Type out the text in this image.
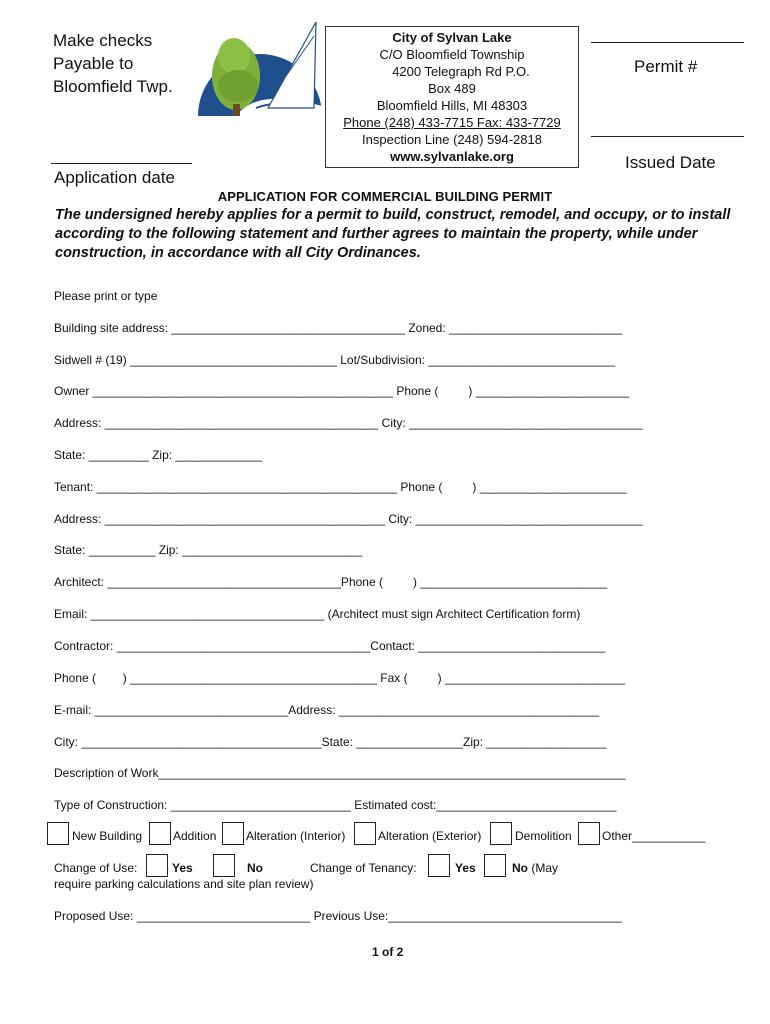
Make checks
Payable to
Bloomfield Twp.
Application date
City of Sylvan Lake
C/O Bloomfield Township
4200 Telegraph Rd P.O.
Box 489
Bloomfield Hills, MI 48303
Phone (248) 433-7715 Fax: 433-7729
Inspection Line (248) 594-2818
www.sylvanlake.org
Permit #
Issued Date
APPLICATION FOR COMMERCIAL BUILDING PERMIT
The undersigned hereby applies for a permit to build, construct, remodel, and occupy, or to install according to the following statement and further agrees to maintain the property, while under construction, in accordance with all City Ordinances.
Please print or type
Building site address: ___________________________________ Zoned: __________________________
Sidwell # (19) _______________________________ Lot/Subdivision: ____________________________
Owner _____________________________________________ Phone (         ) _______________________
Address: _________________________________________ City: ___________________________________
State: _________ Zip: _____________
Tenant: _____________________________________________ Phone (         ) ______________________
Address: __________________________________________ City: __________________________________
State: __________ Zip: ___________________________
Architect: ___________________________________Phone (         ) ____________________________
Email: ___________________________________ (Architect must sign Architect Certification form)
Contractor: ______________________________________Contact: ____________________________
Phone (        ) _____________________________________ Fax (         ) ___________________________
E-mail: _____________________________Address: _______________________________________
City: ____________________________________State: ________________Zip: __________________
Description of Work______________________________________________________________________
Type of Construction: ___________________________ Estimated cost:___________________________
New Building	Addition Alteration (Interior)	Alteration (Exterior)	Demolition	Other___________
Change of Use:	Yes	No	Change of Tenancy:	Yes	No (May
require parking calculations and site plan review)
Proposed Use: __________________________ Previous Use:___________________________________
1 of 2
